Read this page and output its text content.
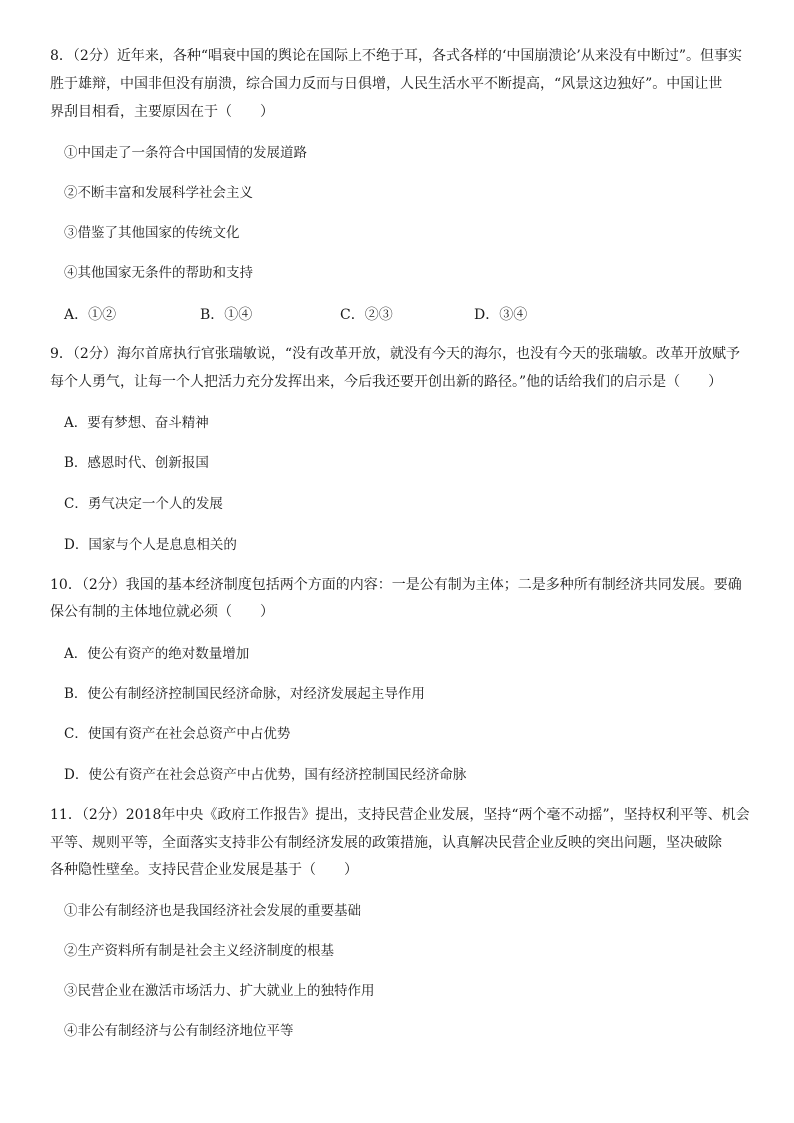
8．（2分）近年来，各种“唱衰中国的舆论在国际上不绝于耳，各式各样的‘中国崩溃论’从来没有中断过”。但事实
胜于雄辩，中国非但没有崩溃，综合国力反而与日俱增，人民生活水平不断提高，“风景这边独好”。中国让世
界刮目相看，主要原因在于（　　）
①中国走了一条符合中国国情的发展道路
②不断丰富和发展科学社会主义
③借鉴了其他国家的传统文化
④其他国家无条件的帮助和支持
A．①②	B．①④	C．②③	D．③④
9．（2分）海尔首席执行官张瑞敏说，“没有改革开放，就没有今天的海尔，也没有今天的张瑞敏。改革开放赋予
每个人勇气，让每一个人把活力充分发挥出来，今后我还要开创出新的路径。”他的话给我们的启示是（　　）
A．要有梦想、奋斗精神
B．感恩时代、创新报国
C．勇气决定一个人的发展
D．国家与个人是息息相关的
10．（2分）我国的基本经济制度包括两个方面的内容：一是公有制为主体；二是多种所有制经济共同发展。要确
保公有制的主体地位就必须（　　）
A．使公有资产的绝对数量增加
B．使公有制经济控制国民经济命脉，对经济发展起主导作用
C．使国有资产在社会总资产中占优势
D．使公有资产在社会总资产中占优势，国有经济控制国民经济命脉
11．（2分）2018年中央《政府工作报告》提出，支持民营企业发展，坚持“两个毫不动摇”，坚持权利平等、机会
平等、规则平等，全面落实支持非公有制经济发展的政策措施，认真解决民营企业反映的突出问题，坚决破除
各种隐性壁垒。支持民营企业发展是基于（　　）
①非公有制经济也是我国经济社会发展的重要基础
②生产资料所有制是社会主义经济制度的根基
③民营企业在激活市场活力、扩大就业上的独特作用
④非公有制经济与公有制经济地位平等
